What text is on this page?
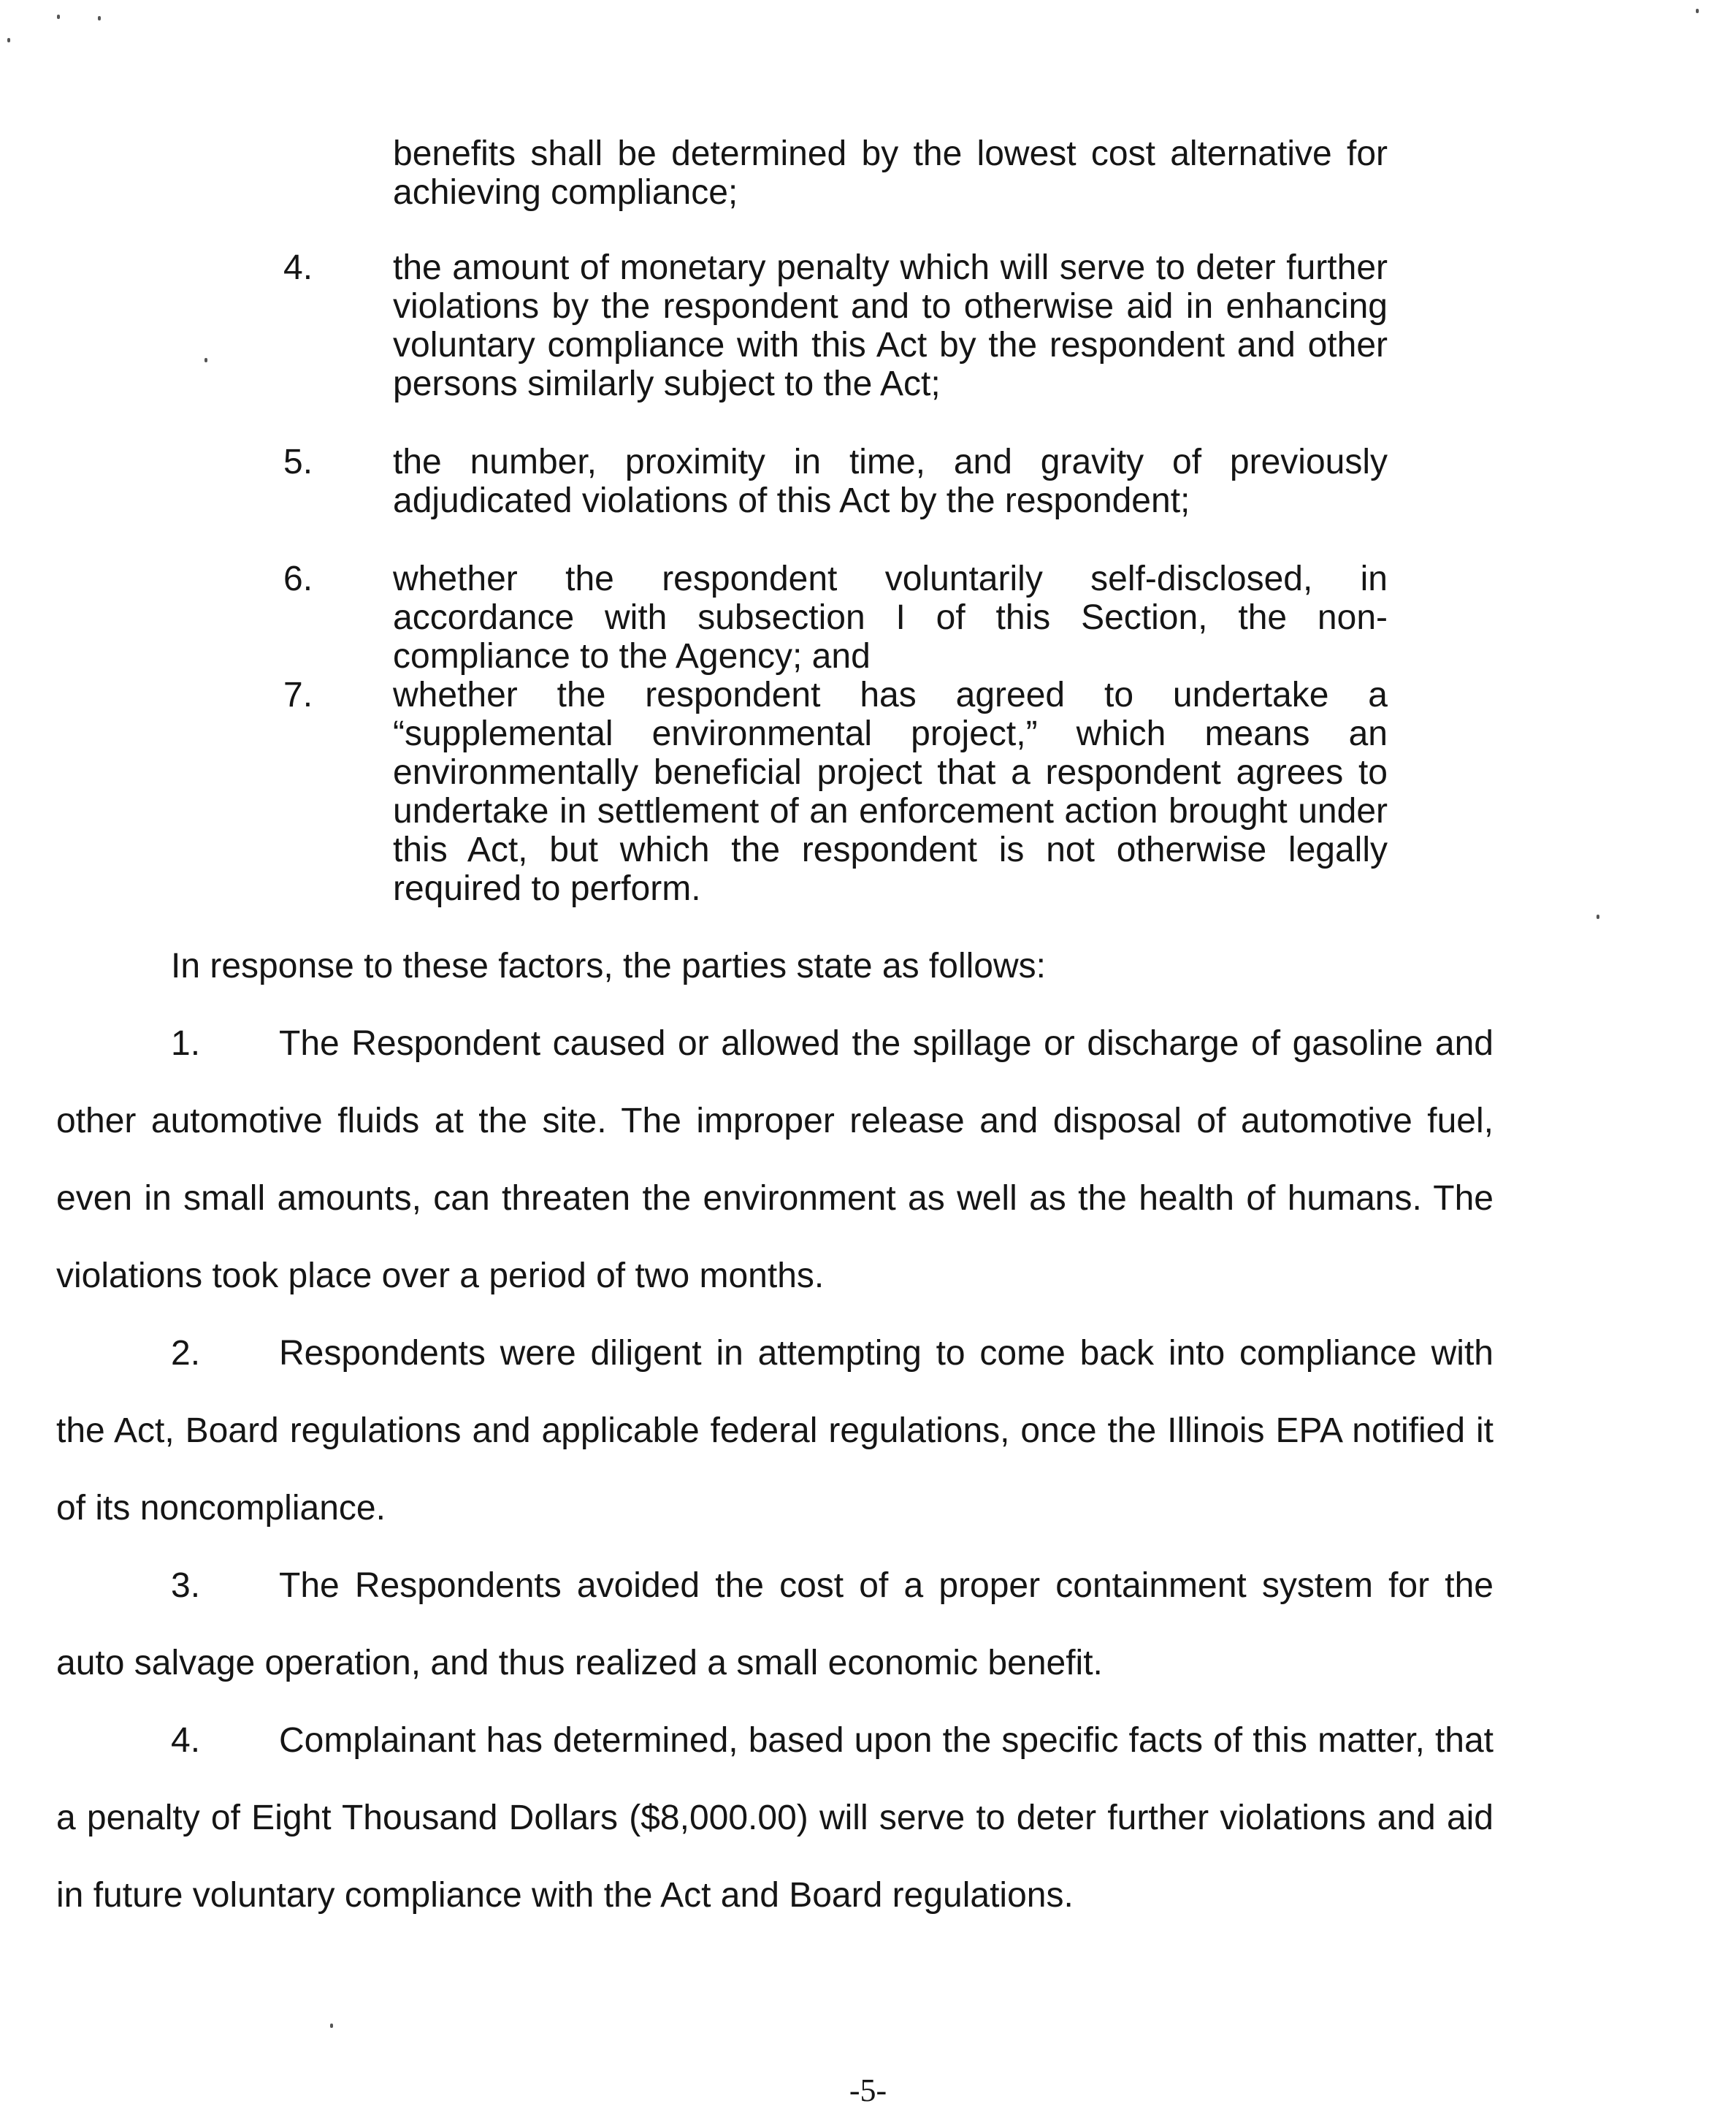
benefits shall be determined by the lowest cost alternative for achieving compliance;
4.	the amount of monetary penalty which will serve to deter further violations by the respondent and to otherwise aid in enhancing voluntary compliance with this Act by the respondent and other persons similarly subject to the Act;
5.	the number, proximity in time, and gravity of previously adjudicated violations of this Act by the respondent;
6.	whether the respondent voluntarily self-disclosed, in accordance with subsection I of this Section, the non-compliance to the Agency; and
7.	whether the respondent has agreed to undertake a “supplemental environmental project,” which means an environmentally beneficial project that a respondent agrees to undertake in settlement of an enforcement action brought under this Act, but which the respondent is not otherwise legally required to perform.
In response to these factors, the parties state as follows:
1. The Respondent caused or allowed the spillage or discharge of gasoline and other automotive fluids at the site. The improper release and disposal of automotive fuel, even in small amounts, can threaten the environment as well as the health of humans. The violations took place over a period of two months.
2. Respondents were diligent in attempting to come back into compliance with the Act, Board regulations and applicable federal regulations, once the Illinois EPA notified it of its noncompliance.
3. The Respondents avoided the cost of a proper containment system for the auto salvage operation, and thus realized a small economic benefit.
4. Complainant has determined, based upon the specific facts of this matter, that a penalty of Eight Thousand Dollars ($8,000.00) will serve to deter further violations and aid in future voluntary compliance with the Act and Board regulations.
-5-
